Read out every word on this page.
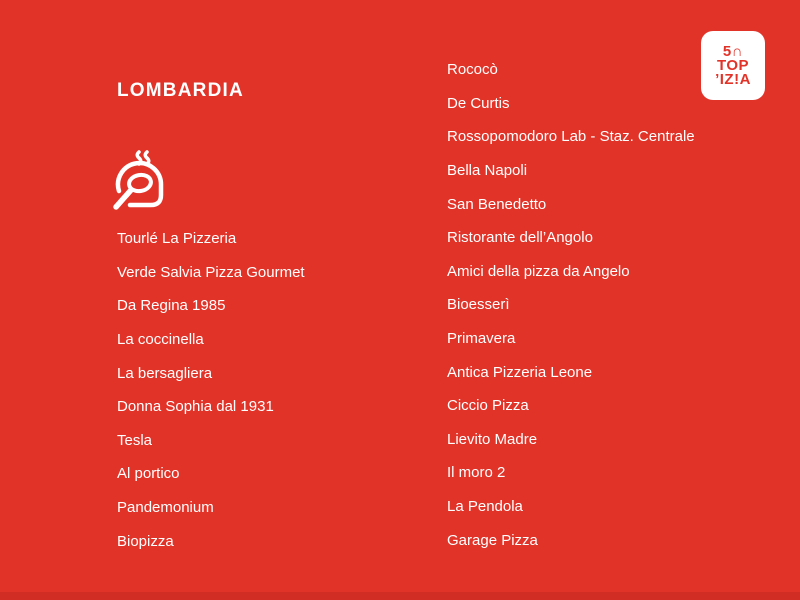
LOMBARDIA
Tourlé La Pizzeria
Verde Salvia Pizza Gourmet
Da Regina 1985
La coccinella
La bersagliera
Donna Sophia dal 1931
Tesla
Al portico
Pandemonium
Biopizza
Rococò
De Curtis
Rossopomodoro Lab - Staz. Centrale
Bella Napoli
San Benedetto
Ristorante dell’Angolo
Amici della pizza da Angelo
Bioesserì
Primavera
Antica Pizzeria Leone
Ciccio Pizza
Lievito Madre
Il moro 2
La Pendola
Garage Pizza
5∩
TOP
’IZ!A
